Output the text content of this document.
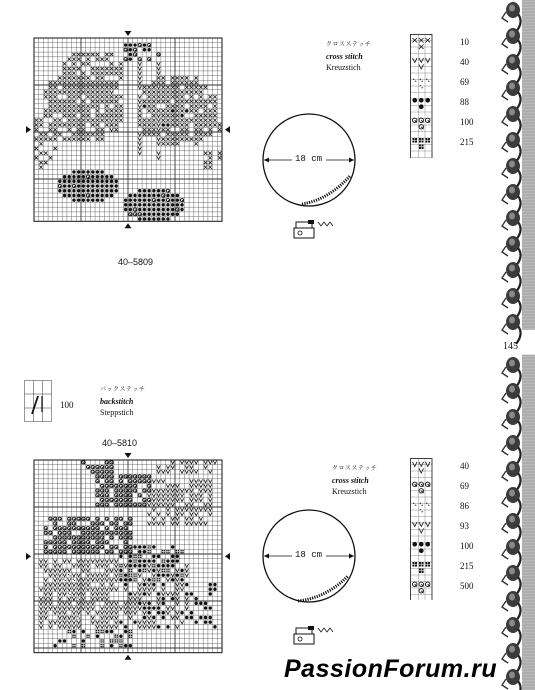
40–5809
18 cm
クロスステッチ
cross stitch
Kreuzstich
10
40
69
88
100
215
100
バックステッチ
backstitch
Steppstich
40–5810
18 cm
クロスステッチ
cross stitch
Kreuzstich
40
69
86
93
100
215
500
145
PassionForum.ru
